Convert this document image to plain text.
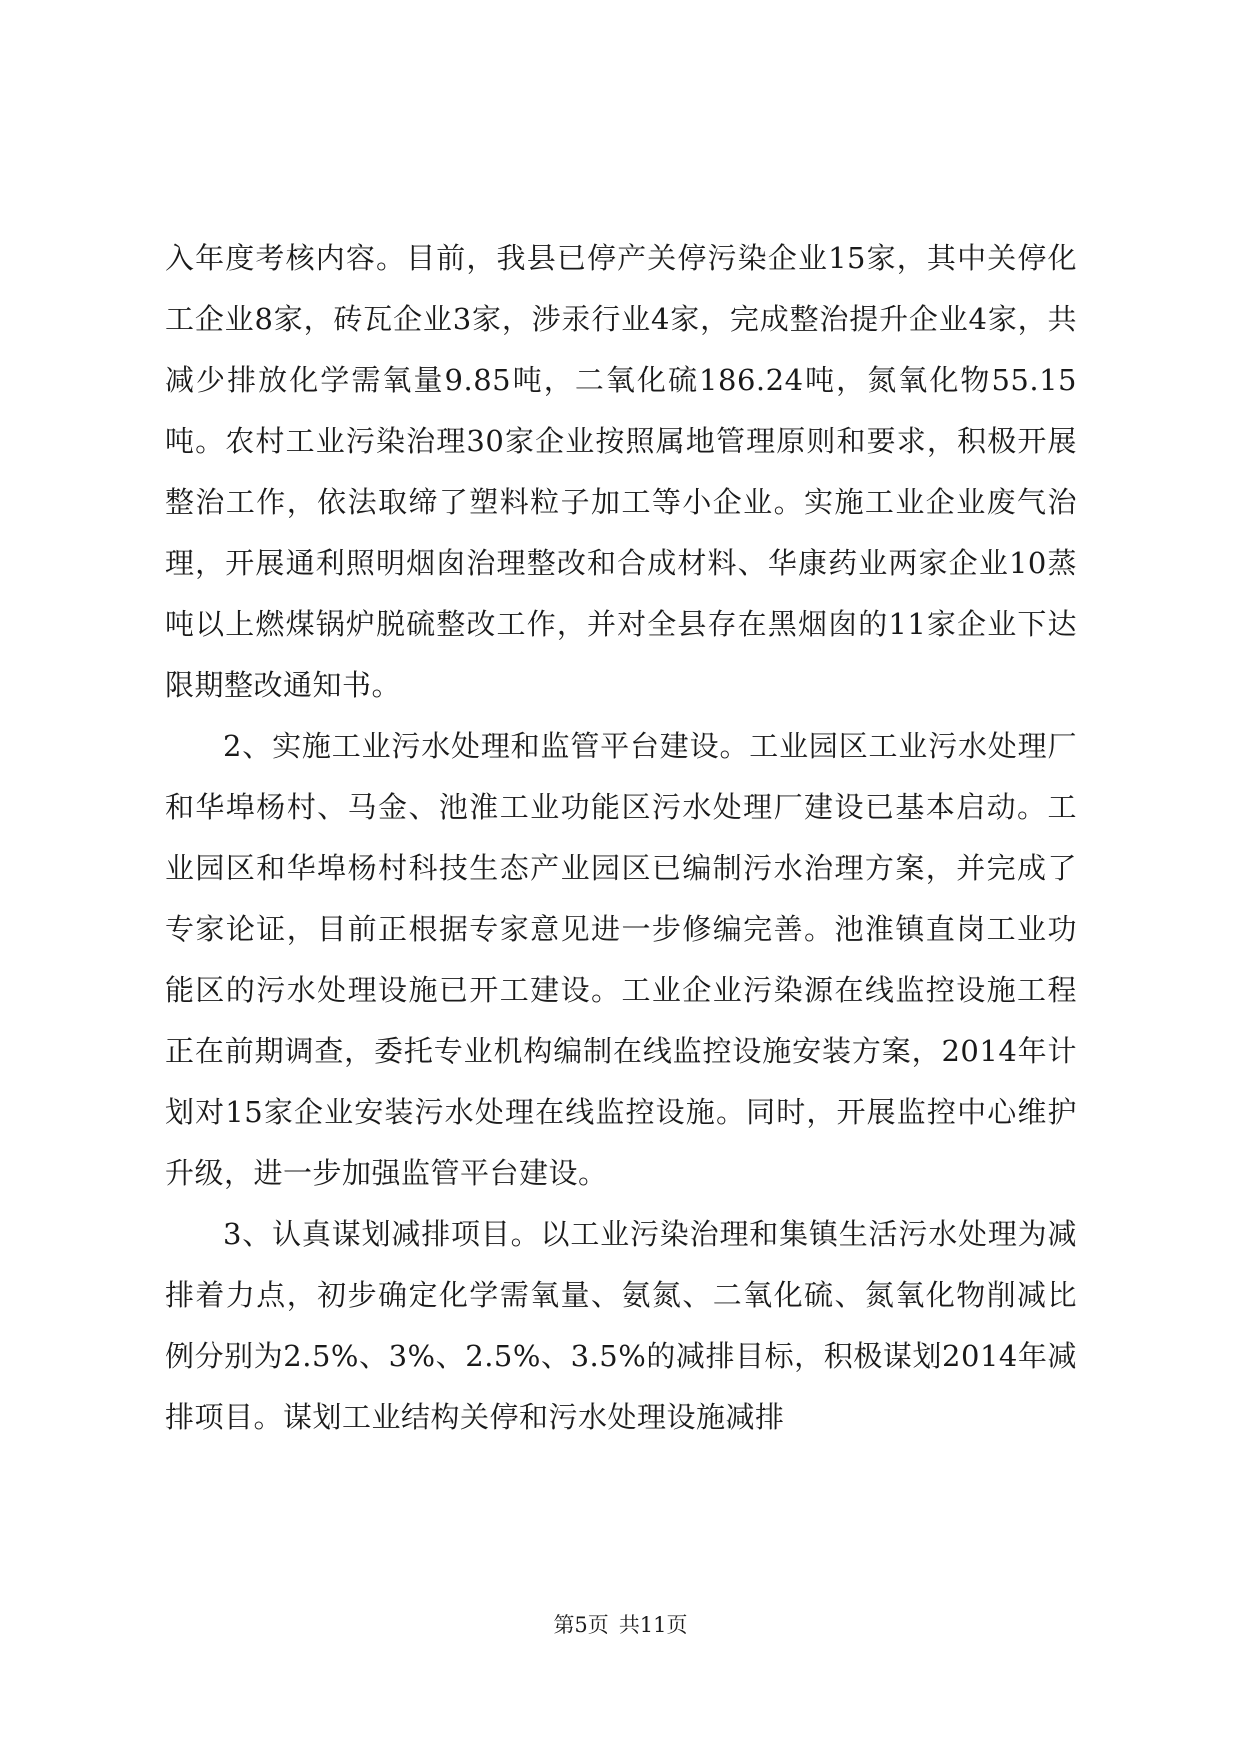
入年度考核内容。目前，我县已停产关停污染企业15家，其中关停化工企业8家，砖瓦企业3家，涉汞行业4家，完成整治提升企业4家，共减少排放化学需氧量9.85吨，二氧化硫186.24吨，氮氧化物55.15吨。农村工业污染治理30家企业按照属地管理原则和要求，积极开展整治工作，依法取缔了塑料粒子加工等小企业。实施工业企业废气治理，开展通利照明烟囱治理整改和合成材料、华康药业两家企业10蒸吨以上燃煤锅炉脱硫整改工作，并对全县存在黑烟囱的11家企业下达限期整改通知书。

2、实施工业污水处理和监管平台建设。工业园区工业污水处理厂和华埠杨村、马金、池淮工业功能区污水处理厂建设已基本启动。工业园区和华埠杨村科技生态产业园区已编制污水治理方案，并完成了专家论证，目前正根据专家意见进一步修编完善。池淮镇直岗工业功能区的污水处理设施已开工建设。工业企业污染源在线监控设施工程正在前期调查，委托专业机构编制在线监控设施安装方案，2014年计划对15家企业安装污水处理在线监控设施。同时，开展监控中心维护升级，进一步加强监管平台建设。

3、认真谋划减排项目。以工业污染治理和集镇生活污水处理为减排着力点，初步确定化学需氧量、氨氮、二氧化硫、氮氧化物削减比例分别为2.5%、3%、2.5%、3.5%的减排目标，积极谋划2014年减排项目。谋划工业结构关停和污水处理设施减排

第5页 共11页
